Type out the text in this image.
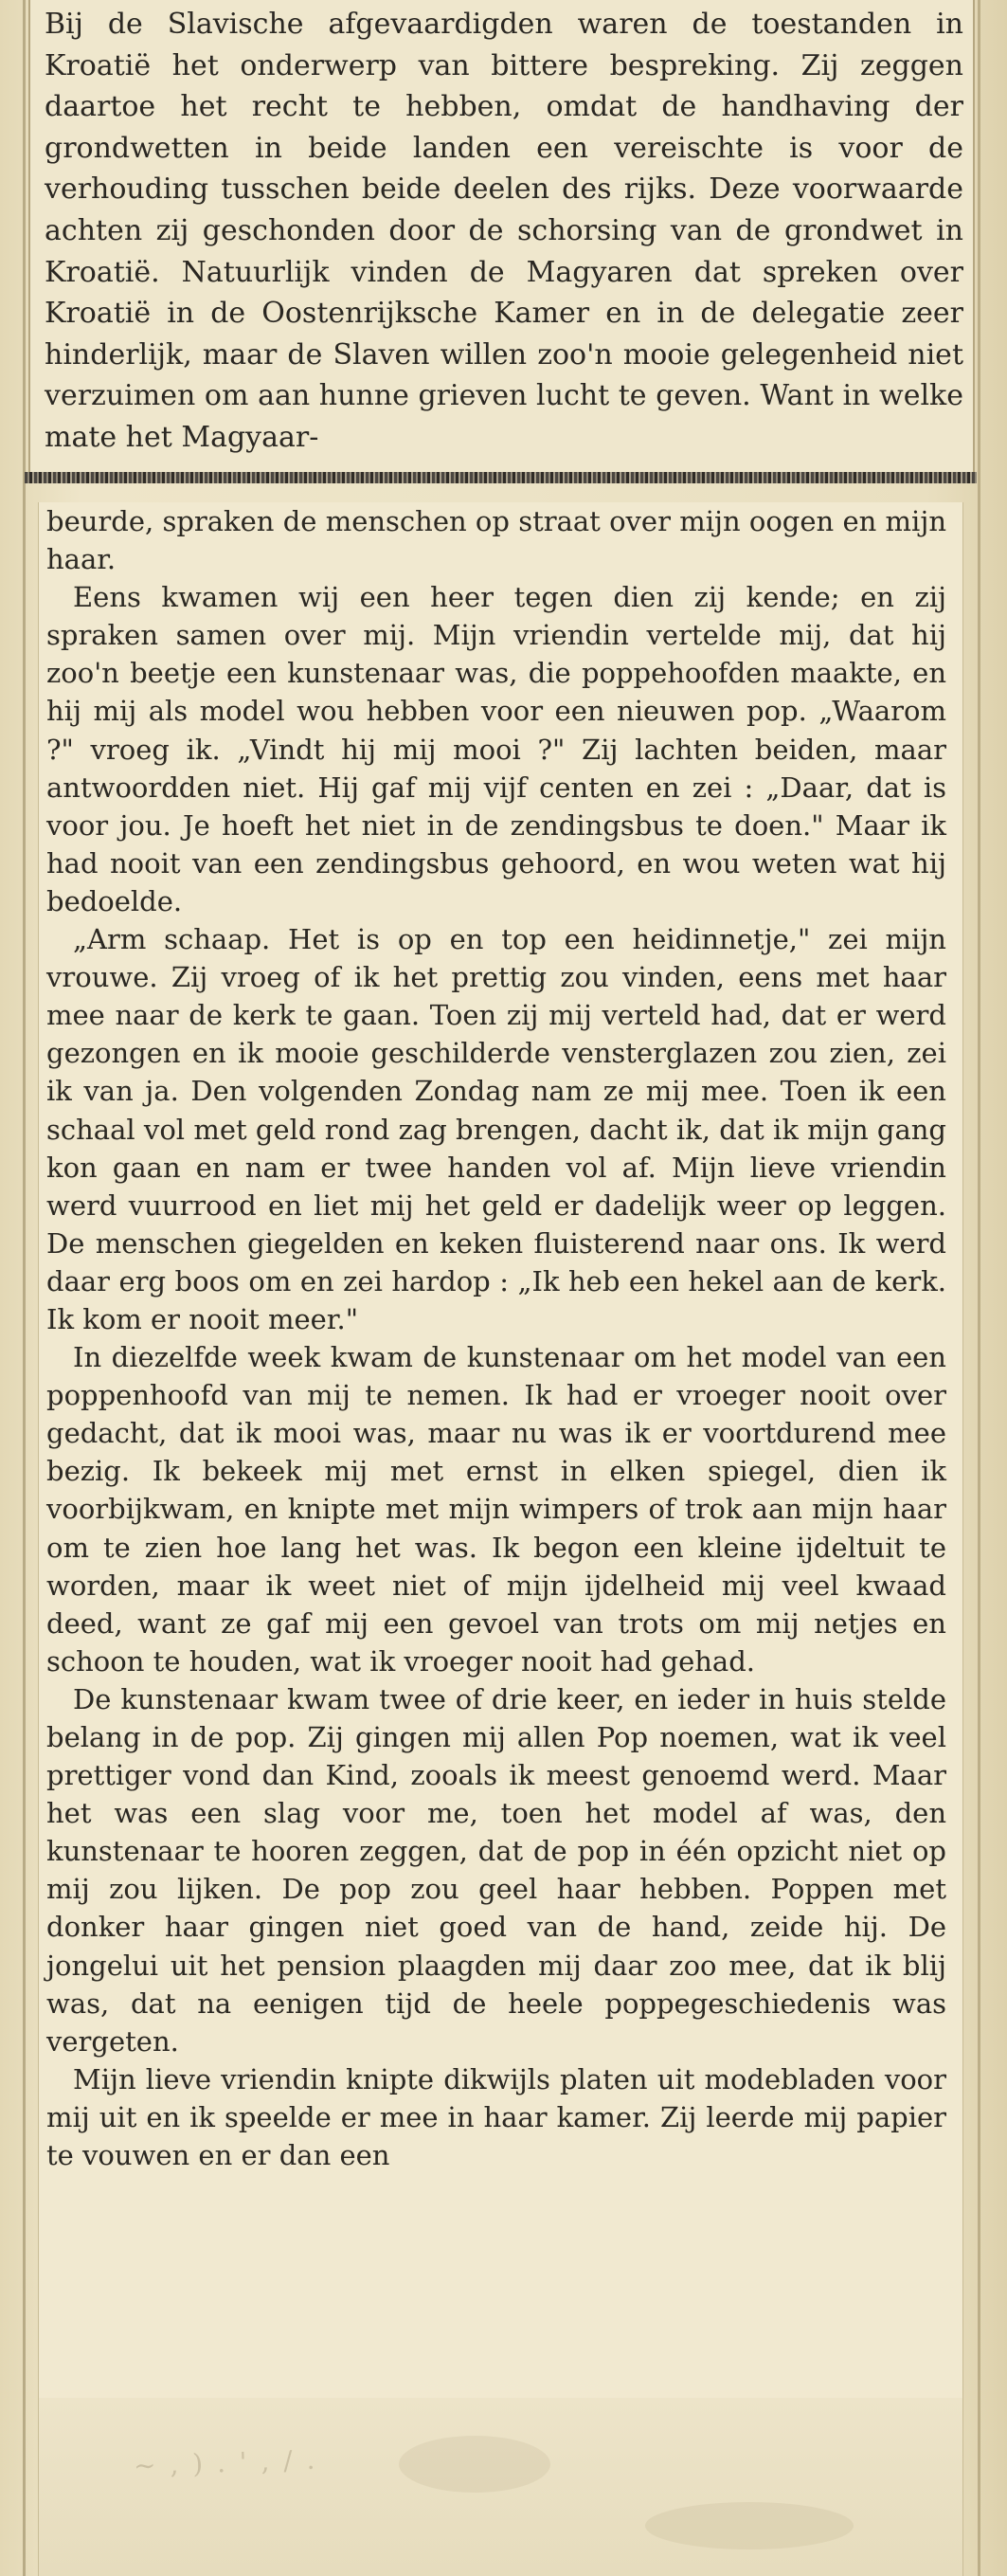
Bij de Slavische afgevaardigden waren de toestanden in Kroatië het onderwerp van bittere bespreking. Zij zeggen daartoe het recht te hebben, omdat de handhaving der grondwetten in beide landen een vereischte is voor de verhouding tusschen beide deelen des rijks. Deze voorwaarde achten zij geschonden door de schorsing van de grondwet in Kroatië. Natuurlijk vinden de Magyaren dat spreken over Kroatië in de Oostenrijksche Kamer en in de delegatie zeer hinderlijk, maar de Slaven willen zoo'n mooie gelegenheid niet verzuimen om aan hunne grieven lucht te geven. Want in welke mate het Magyaar-

beurde, spraken de menschen op straat over mijn oogen en mijn haar.

Eens kwamen wij een heer tegen dien zij kende; en zij spraken samen over mij. Mijn vriendin vertelde mij, dat hij zoo'n beetje een kunstenaar was, die poppehoofden maakte, en hij mij als model wou hebben voor een nieuwen pop. „Waarom ?" vroeg ik. „Vindt hij mij mooi ?" Zij lachten beiden, maar antwoordden niet. Hij gaf mij vijf centen en zei : „Daar, dat is voor jou. Je hoeft het niet in de zendingsbus te doen." Maar ik had nooit van een zendingsbus gehoord, en wou weten wat hij bedoelde.

„Arm schaap. Het is op en top een heidinnetje," zei mijn vrouwe. Zij vroeg of ik het prettig zou vinden, eens met haar mee naar de kerk te gaan. Toen zij mij verteld had, dat er werd gezongen en ik mooie geschilderde vensterglazen zou zien, zei ik van ja. Den volgenden Zondag nam ze mij mee. Toen ik een schaal vol met geld rond zag brengen, dacht ik, dat ik mijn gang kon gaan en nam er twee handen vol af. Mijn lieve vriendin werd vuurrood en liet mij het geld er dadelijk weer op leggen. De menschen giegelden en keken fluisterend naar ons. Ik werd daar erg boos om en zei hardop : „Ik heb een hekel aan de kerk. Ik kom er nooit meer."

In diezelfde week kwam de kunstenaar om het model van een poppenhoofd van mij te nemen. Ik had er vroeger nooit over gedacht, dat ik mooi was, maar nu was ik er voortdurend mee bezig. Ik bekeek mij met ernst in elken spiegel, dien ik voorbijkwam, en knipte met mijn wimpers of trok aan mijn haar om te zien hoe lang het was. Ik begon een kleine ijdeltuit te worden, maar ik weet niet of mijn ijdelheid mij veel kwaad deed, want ze gaf mij een gevoel van trots om mij netjes en schoon te houden, wat ik vroeger nooit had gehad.

De kunstenaar kwam twee of drie keer, en ieder in huis stelde belang in de pop. Zij gingen mij allen Pop noemen, wat ik veel prettiger vond dan Kind, zooals ik meest genoemd werd. Maar het was een slag voor me, toen het model af was, den kunstenaar te hooren zeggen, dat de pop in één opzicht niet op mij zou lijken. De pop zou geel haar hebben. Poppen met donker haar gingen niet goed van de hand, zeide hij. De jongelui uit het pension plaagden mij daar zoo mee, dat ik blij was, dat na eenigen tijd de heele poppegeschiedenis was vergeten.

Mijn lieve vriendin knipte dikwijls platen uit modebladen voor mij uit en ik speelde er mee in haar kamer. Zij leerde mij papier te vouwen en er dan een

~ , ) . ' , / .
